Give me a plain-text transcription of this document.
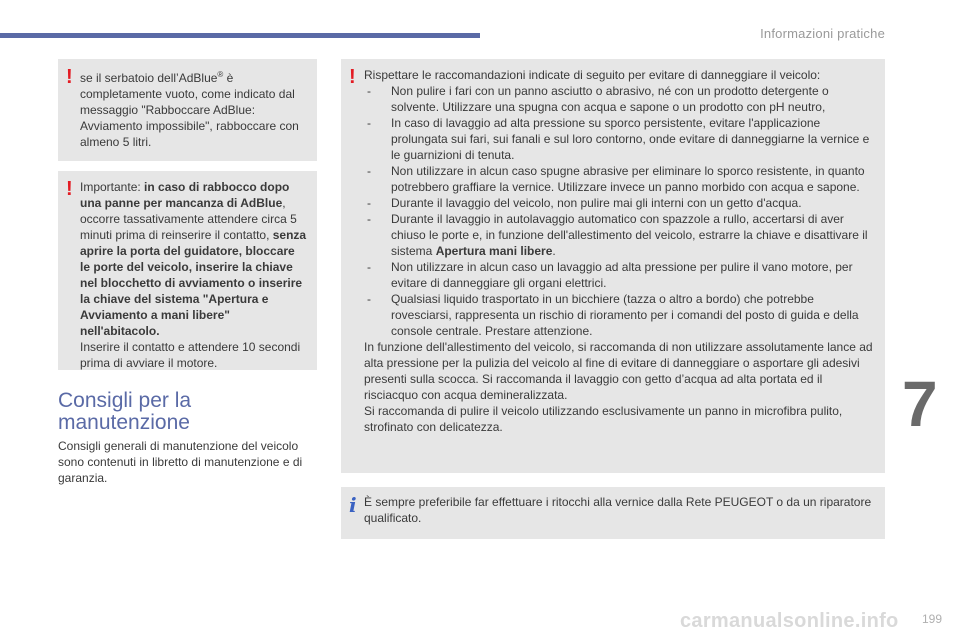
Informazioni pratiche
7
! se il serbatoio dell’AdBlue® è completamente vuoto, come indicato dal messaggio "Rabboccare AdBlue: Avviamento impossibile", rabboccare con almeno 5 litri.

! Importante: in caso di rabbocco dopo una panne per mancanza di AdBlue, occorre tassativamente attendere circa 5 minuti prima di reinserire il contatto, senza aprire la porta del guidatore, bloccare le porte del veicolo, inserire la chiave nel blocchetto di avviamento o inserire la chiave del sistema "Apertura e Avviamento a mani libere" nell'abitacolo.
Inserire il contatto e attendere 10 secondi prima di avviare il motore.

Consigli per la manutenzione

Consigli generali di manutenzione del veicolo sono contenuti in libretto di manutenzione e di garanzia.

! Rispettare le raccomandazioni indicate di seguito per evitare di danneggiare il veicolo:

- Non pulire i fari con un panno asciutto o abrasivo, né con un prodotto detergente o solvente. Utilizzare una spugna con acqua e sapone o un prodotto con pH neutro,
- In caso di lavaggio ad alta pressione su sporco persistente, evitare l'applicazione prolungata sui fari, sui fanali e sul loro contorno, onde evitare di danneggiarne la vernice e le guarnizioni di tenuta.
- Non utilizzare in alcun caso spugne abrasive per eliminare lo sporco resistente, in quanto potrebbero graffiare la vernice. Utilizzare invece un panno morbido con acqua e sapone.
- Durante il lavaggio del veicolo, non pulire mai gli interni con un getto d'acqua.
- Durante il lavaggio in autolavaggio automatico con spazzole a rullo, accertarsi di aver chiuso le porte e, in funzione dell'allestimento del veicolo, estrarre la chiave e disattivare il sistema Apertura mani libere.
- Non utilizzare in alcun caso un lavaggio ad alta pressione per pulire il vano motore, per evitare di danneggiare gli organi elettrici.
- Qualsiasi liquido trasportato in un bicchiere (tazza o altro a bordo) che potrebbe rovesciarsi, rappresenta un rischio di rioramento per i comandi del posto di guida e della console centrale. Prestare attenzione.

In funzione dell'allestimento del veicolo, si raccomanda di non utilizzare assolutamente lance ad alta pressione per la pulizia del veicolo al fine di evitare di danneggiare o asportare gli adesivi presenti sulla scocca. Si raccomanda il lavaggio con getto d’acqua ad alta portata ed il risciacquo con acqua demineralizzata.

Si raccomanda di pulire il veicolo utilizzando esclusivamente un panno in microfibra pulito, strofinato con delicatezza.

i È sempre preferibile far effettuare i ritocchi alla vernice dalla Rete PEUGEOT o da un riparatore qualificato.

carmanualsonline.info 199
